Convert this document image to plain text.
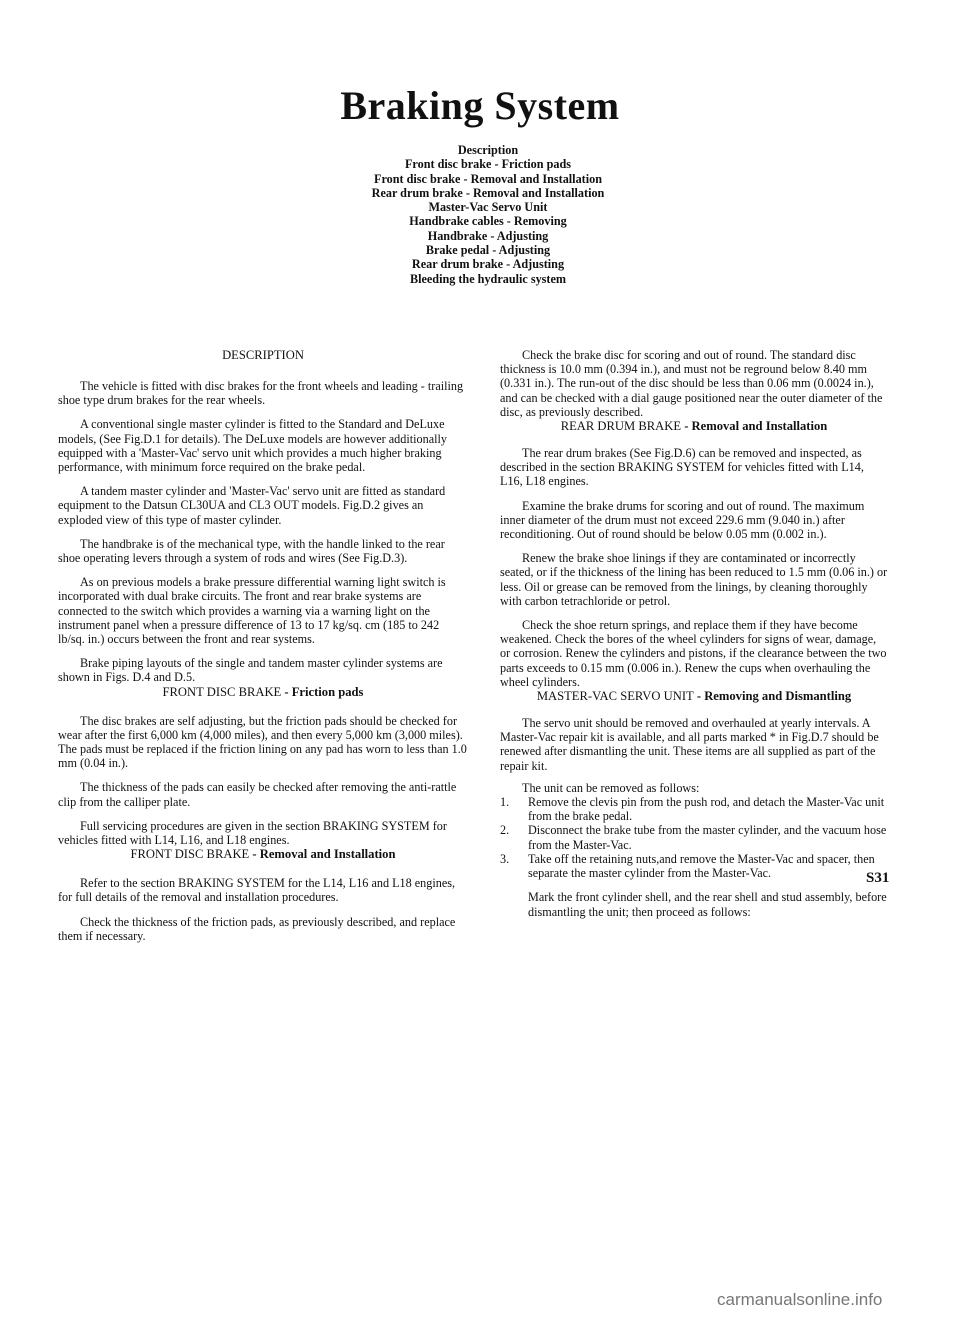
Braking System
Description
Front disc brake - Friction pads
Front disc brake - Removal and Installation
Rear drum brake - Removal and Installation
Master-Vac Servo Unit
Handbrake cables - Removing
Handbrake - Adjusting
Brake pedal - Adjusting
Rear drum brake - Adjusting
Bleeding the hydraulic system
DESCRIPTION

The vehicle is fitted with disc brakes for the front wheels and leading - trailing shoe type drum brakes for the rear wheels.

A conventional single master cylinder is fitted to the Standard and DeLuxe models, (See Fig.D.1 for details). The DeLuxe models are however additionally equipped with a 'Master-Vac' servo unit which provides a much higher braking performance, with minimum force required on the brake pedal.

A tandem master cylinder and 'Master-Vac' servo unit are fitted as standard equipment to the Datsun CL30UA and CL3 OUT models. Fig.D.2 gives an exploded view of this type of master cylinder.

The handbrake is of the mechanical type, with the handle linked to the rear shoe operating levers through a system of rods and wires (See Fig.D.3).

As on previous models a brake pressure differential warning light switch is incorporated with dual brake circuits. The front and rear brake systems are connected to the switch which provides a warning via a warning light on the instrument panel when a pressure difference of 13 to 17 kg/sq. cm (185 to 242 lb/sq. in.) occurs between the front and rear systems.

Brake piping layouts of the single and tandem master cylinder systems are shown in Figs. D.4 and D.5.

FRONT DISC BRAKE - Friction pads

The disc brakes are self adjusting, but the friction pads should be checked for wear after the first 6,000 km (4,000 miles), and then every 5,000 km (3,000 miles). The pads must be replaced if the friction lining on any pad has worn to less than 1.0 mm (0.04 in.).

The thickness of the pads can easily be checked after removing the anti-rattle clip from the calliper plate.

Full servicing procedures are given in the section BRAKING SYSTEM for vehicles fitted with L14, L16, and L18 engines.

FRONT DISC BRAKE - Removal and Installation

Refer to the section BRAKING SYSTEM for the L14, L16 and L18 engines, for full details of the removal and installation procedures.

Check the thickness of the friction pads, as previously described, and replace them if necessary.

Check the brake disc for scoring and out of round. The standard disc thickness is 10.0 mm (0.394 in.), and must not be reground below 8.40 mm (0.331 in.). The run-out of the disc should be less than 0.06 mm (0.0024 in.), and can be checked with a dial gauge positioned near the outer diameter of the disc, as previously described.

REAR DRUM BRAKE - Removal and Installation

The rear drum brakes (See Fig.D.6) can be removed and inspected, as described in the section BRAKING SYSTEM for vehicles fitted with L14, L16, L18 engines.

Examine the brake drums for scoring and out of round. The maximum inner diameter of the drum must not exceed 229.6 mm (9.040 in.) after reconditioning. Out of round should be below 0.05 mm (0.002 in.).

Renew the brake shoe linings if they are contaminated or incorrectly seated, or if the thickness of the lining has been reduced to 1.5 mm (0.06 in.) or less. Oil or grease can be removed from the linings, by cleaning thoroughly with carbon tetrachloride or petrol.

Check the shoe return springs, and replace them if they have become weakened. Check the bores of the wheel cylinders for signs of wear, damage, or corrosion. Renew the cylinders and pistons, if the clearance between the two parts exceeds to 0.15 mm (0.006 in.). Renew the cups when overhauling the wheel cylinders.

MASTER-VAC SERVO UNIT - Removing and Dismantling

The servo unit should be removed and overhauled at yearly intervals. A Master-Vac repair kit is available, and all parts marked * in Fig.D.7 should be renewed after dismantling the unit. These items are all supplied as part of the repair kit.

The unit can be removed as follows:

1.	Remove the clevis pin from the push rod, and detach the Master-Vac unit from the brake pedal.
2.	Disconnect the brake tube from the master cylinder, and the vacuum hose from the Master-Vac.
3.	Take off the retaining nuts,and remove the Master-Vac and spacer, then separate the master cylinder from the Master-Vac.

Mark the front cylinder shell, and the rear shell and stud assembly, before dismantling the unit; then proceed as follows:

S31
carmanualsonline.info
